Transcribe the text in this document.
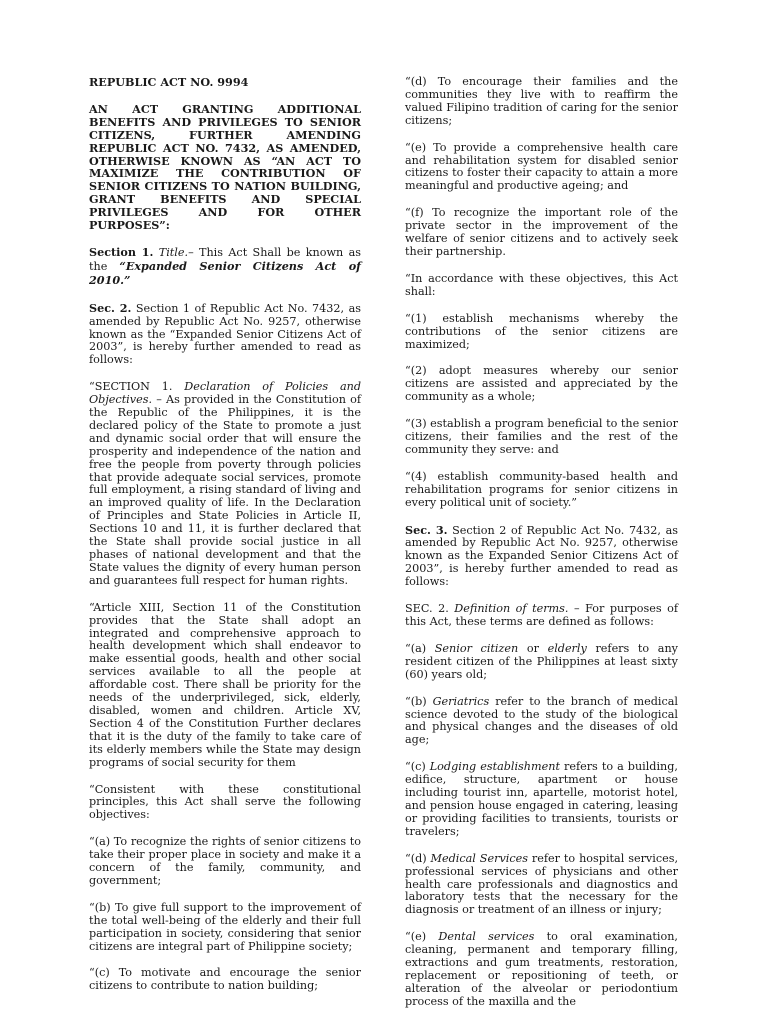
REPUBLIC ACT NO. 9994

AN ACT GRANTING ADDITIONAL BENEFITS AND PRIVILEGES TO SENIOR CITIZENS, FURTHER AMENDING REPUBLIC ACT NO. 7432, AS AMENDED, OTHERWISE KNOWN AS “AN ACT TO MAXIMIZE THE CONTRIBUTION OF SENIOR CITIZENS TO NATION BUILDING, GRANT BENEFITS AND SPECIAL PRIVILEGES AND FOR OTHER PURPOSES”:

Section 1. Title.– This Act Shall be known as the “Expanded Senior Citizens Act of 2010.”

Sec. 2. Section 1 of Republic Act No. 7432, as amended by Republic Act No. 9257, otherwise known as the “Expanded Senior Citizens Act of 2003”, is hereby further amended to read as follows:

“SECTION 1. Declaration of Policies and Objectives. – As provided in the Constitution of the Republic of the Philippines, it is the declared policy of the State to promote a just and dynamic social order that will ensure the prosperity and independence of the nation and free the people from poverty through policies that provide adequate social services, promote full employment, a rising standard of living and an improved quality of life. In the Declaration of Principles and State Policies in Article II, Sections 10 and 11, it is further declared that the State shall provide social justice in all phases of national development and that the State values the dignity of every human person and guarantees full respect for human rights.

“Article XIII, Section 11 of the Constitution provides that the State shall adopt an integrated and comprehensive approach to health development which shall endeavor to make essential goods, health and other social services available to all the people at affordable cost. There shall be priority for the needs of the underprivileged, sick, elderly, disabled, women and children. Article XV, Section 4 of the Constitution Further declares that it is the duty of the family to take care of its elderly members while the State may design programs of social security for them

“Consistent with these constitutional principles, this Act shall serve the following objectives:

“(a) To recognize the rights of senior citizens to take their proper place in society and make it a concern of the family, community, and government;

“(b) To give full support to the improvement of the total well-being of the elderly and their full participation in society, considering that senior citizens are integral part of Philippine society;

“(c) To motivate and encourage the senior citizens to contribute to nation building;

“(d) To encourage their families and the communities they live with to reaffirm the valued Filipino tradition of caring for the senior citizens;

“(e) To provide a comprehensive health care and rehabilitation system for disabled senior citizens to foster their capacity to attain a more meaningful and productive ageing; and

“(f) To recognize the important role of the private sector in the improvement of the welfare of senior citizens and to actively seek their partnership.

“In accordance with these objectives, this Act shall:

“(1) establish mechanisms whereby the contributions of the senior citizens are maximized;

“(2) adopt measures whereby our senior citizens are assisted and appreciated by the community as a whole;

“(3) establish a program beneficial to the senior citizens, their families and the rest of the community they serve: and

“(4) establish community-based health and rehabilitation programs for senior citizens in every political unit of society.”

Sec. 3. Section 2 of Republic Act No. 7432, as amended by Republic Act No. 9257, otherwise known as the Expanded Senior Citizens Act of 2003”, is hereby further amended to read as follows:

SEC. 2. Definition of terms. – For purposes of this Act, these terms are defined as follows:

“(a) Senior citizen or elderly refers to any resident citizen of the Philippines at least sixty (60) years old;

“(b) Geriatrics refer to the branch of medical science devoted to the study of the biological and physical changes and the diseases of old age;

“(c) Lodging establishment refers to a building, edifice, structure, apartment or house including tourist inn, apartelle, motorist hotel, and pension house engaged in catering, leasing or providing facilities to transients, tourists or travelers;

“(d) Medical Services refer to hospital services, professional services of physicians and other health care professionals and diagnostics and laboratory tests that the necessary for the diagnosis or treatment of an illness or injury;

“(e) Dental services to oral examination, cleaning, permanent and temporary filling, extractions and gum treatments, restoration, replacement or repositioning of teeth, or alteration of the alveolar or periodontium process of the maxilla and the
